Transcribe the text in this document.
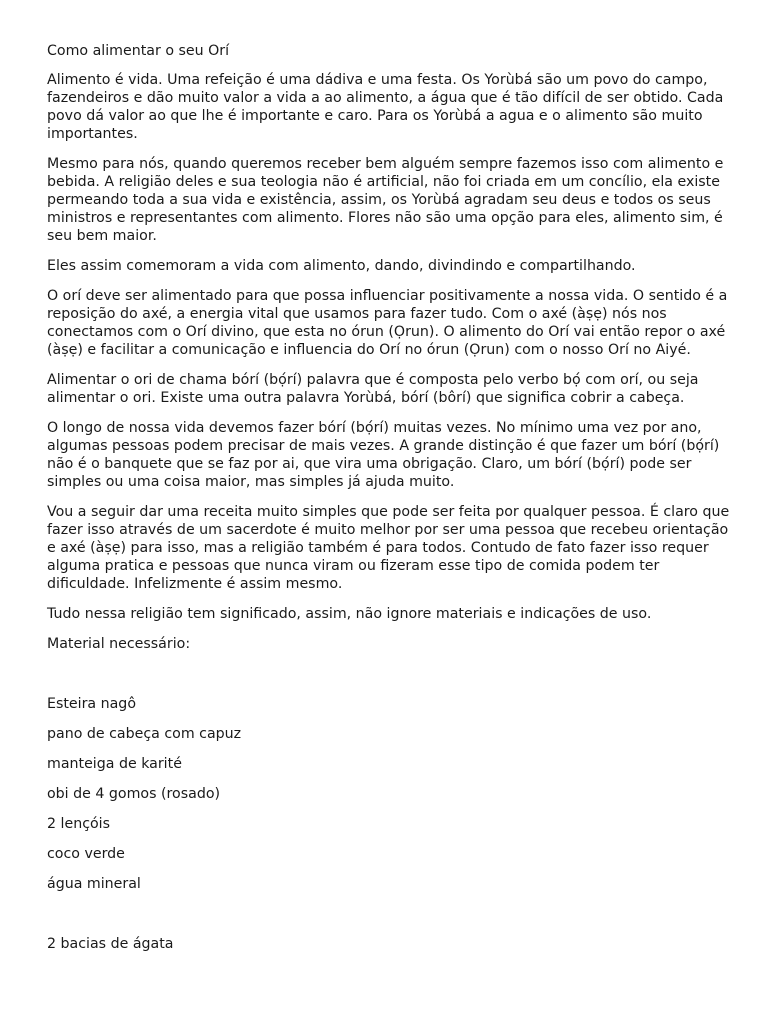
Como alimentar o seu Orí

Alimento é vida. Uma refeição é uma dádiva e uma festa. Os Yorùbá são um povo do campo, fazendeiros e dão muito valor a vida a ao alimento, a água que é tão difícil de ser obtido. Cada povo dá valor ao que lhe é importante e caro. Para os Yorùbá a agua e o alimento são muito importantes.

Mesmo para nós, quando queremos receber bem alguém sempre fazemos isso com alimento e bebida. A religião deles e sua teologia não é artificial, não foi criada em um concílio, ela existe permeando toda a sua vida e existência, assim, os Yorùbá agradam seu deus e todos os seus ministros e representantes com alimento. Flores não são uma opção para eles, alimento sim, é seu bem maior.

Eles assim comemoram a vida com alimento, dando, divindindo e compartilhando.

O orí deve ser alimentado para que possa influenciar positivamente a nossa vida. O sentido é a reposição do axé, a energia vital que usamos para fazer tudo. Com o axé (àṣẹ) nós nos conectamos com o Orí divino, que esta no órun (Ọrun). O alimento do Orí vai então repor o axé (àṣẹ) e facilitar a comunicação e influencia do Orí no órun (Ọrun) com o nosso Orí no Aiyé.

Alimentar o ori de chama bórí (bọ́rí) palavra que é composta pelo verbo bọ́ com orí, ou seja alimentar o ori. Existe uma outra palavra Yorùbá, bórí (bôrí) que significa cobrir a cabeça.

O longo de nossa vida devemos fazer bórí (bọ́rí) muitas vezes. No mínimo uma vez por ano, algumas pessoas podem precisar de mais vezes. A grande distinção é que fazer um bórí (bọ́rí) não é o banquete que se faz por ai, que vira uma obrigação. Claro, um bórí (bọ́rí) pode ser simples ou uma coisa maior, mas simples já ajuda muito.

Vou a seguir dar uma receita muito simples que pode ser feita por qualquer pessoa. É claro que fazer isso através de um sacerdote é muito melhor por ser uma pessoa que recebeu orientação e axé (àṣẹ) para isso, mas a religião também é para todos. Contudo de fato fazer isso requer alguma pratica e pessoas que nunca viram ou fizeram esse tipo de comida podem ter dificuldade. Infelizmente é assim mesmo.

Tudo nessa religião tem significado, assim, não ignore materiais e indicações de uso.

Material necessário:

Esteira nagô
pano de cabeça com capuz
manteiga de karité
obi de 4 gomos (rosado)
2 lençóis
coco verde
água mineral
2 bacias de ágata
